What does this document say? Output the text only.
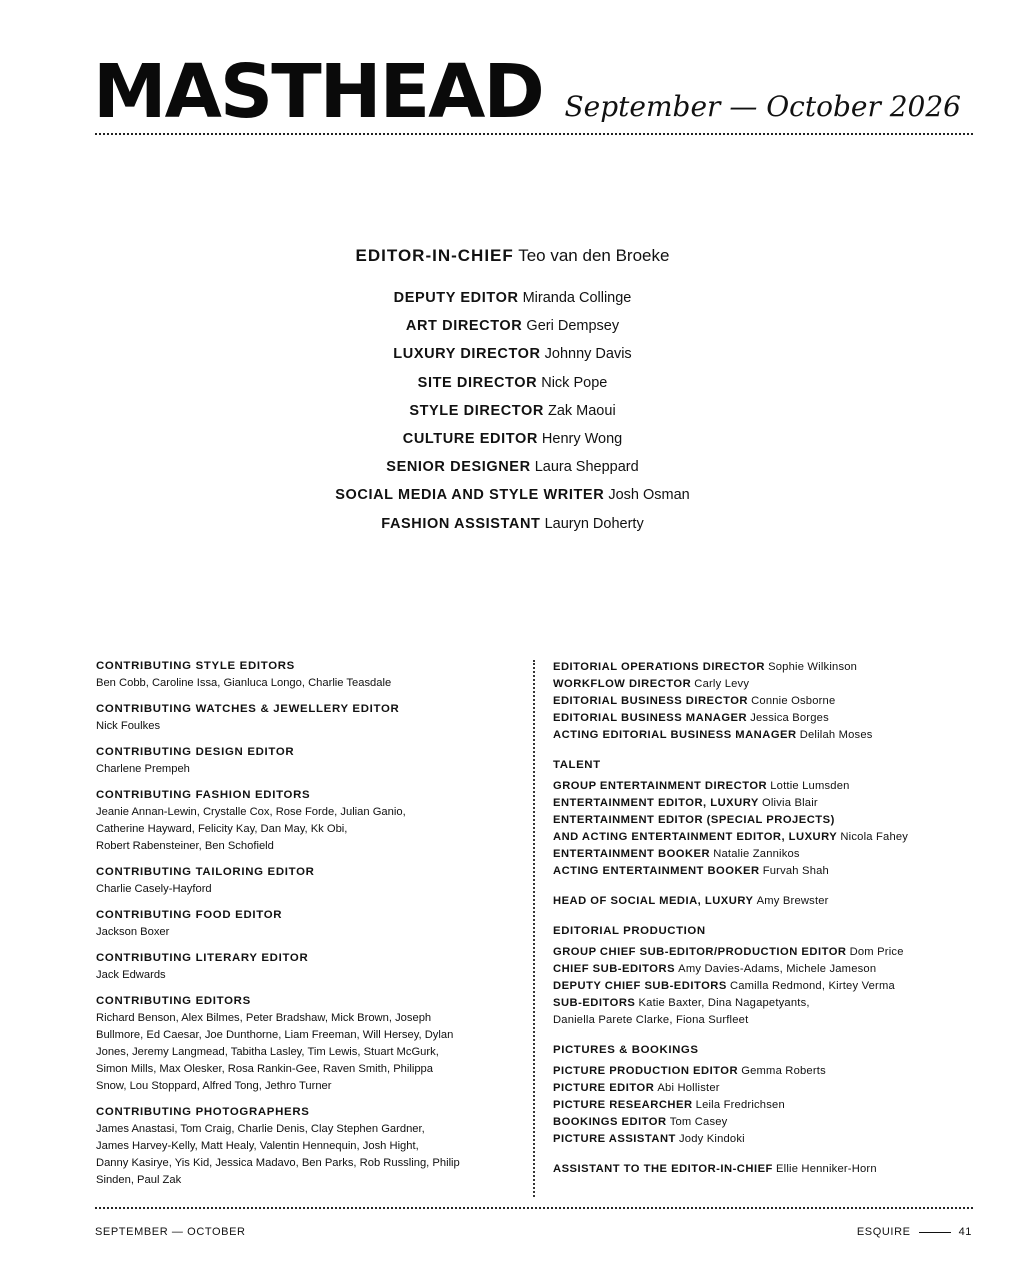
MASTHEAD September — October 2026
EDITOR-IN-CHIEF Teo van den Broeke
DEPUTY EDITOR Miranda Collinge
ART DIRECTOR Geri Dempsey
LUXURY DIRECTOR Johnny Davis
SITE DIRECTOR Nick Pope
STYLE DIRECTOR Zak Maoui
CULTURE EDITOR Henry Wong
SENIOR DESIGNER Laura Sheppard
SOCIAL MEDIA AND STYLE WRITER Josh Osman
FASHION ASSISTANT Lauryn Doherty
CONTRIBUTING STYLE EDITORS
Ben Cobb, Caroline Issa, Gianluca Longo, Charlie Teasdale
CONTRIBUTING WATCHES & JEWELLERY EDITOR
Nick Foulkes
CONTRIBUTING DESIGN EDITOR
Charlene Prempeh
CONTRIBUTING FASHION EDITORS
Jeanie Annan-Lewin, Crystalle Cox, Rose Forde, Julian Ganio,
Catherine Hayward, Felicity Kay, Dan May, Kk Obi,
Robert Rabensteiner, Ben Schofield
CONTRIBUTING TAILORING EDITOR
Charlie Casely-Hayford
CONTRIBUTING FOOD EDITOR
Jackson Boxer
CONTRIBUTING LITERARY EDITOR
Jack Edwards
CONTRIBUTING EDITORS
Richard Benson, Alex Bilmes, Peter Bradshaw, Mick Brown, Joseph
Bullmore, Ed Caesar, Joe Dunthorne, Liam Freeman, Will Hersey, Dylan
Jones, Jeremy Langmead, Tabitha Lasley, Tim Lewis, Stuart McGurk,
Simon Mills, Max Olesker, Rosa Rankin-Gee, Raven Smith, Philippa
Snow, Lou Stoppard, Alfred Tong, Jethro Turner
CONTRIBUTING PHOTOGRAPHERS
James Anastasi, Tom Craig, Charlie Denis, Clay Stephen Gardner,
James Harvey-Kelly, Matt Healy, Valentin Hennequin, Josh Hight,
Danny Kasirye, Yis Kid, Jessica Madavo, Ben Parks, Rob Russling, Philip
Sinden, Paul Zak
EDITORIAL OPERATIONS DIRECTOR Sophie Wilkinson
WORKFLOW DIRECTOR Carly Levy
EDITORIAL BUSINESS DIRECTOR Connie Osborne
EDITORIAL BUSINESS MANAGER Jessica Borges
ACTING EDITORIAL BUSINESS MANAGER Delilah Moses
TALENT
GROUP ENTERTAINMENT DIRECTOR Lottie Lumsden
ENTERTAINMENT EDITOR, LUXURY Olivia Blair
ENTERTAINMENT EDITOR (SPECIAL PROJECTS)
AND ACTING ENTERTAINMENT EDITOR, LUXURY Nicola Fahey
ENTERTAINMENT BOOKER Natalie Zannikos
ACTING ENTERTAINMENT BOOKER Furvah Shah
HEAD OF SOCIAL MEDIA, LUXURY Amy Brewster
EDITORIAL PRODUCTION
GROUP CHIEF SUB-EDITOR/PRODUCTION EDITOR Dom Price
CHIEF SUB-EDITORS Amy Davies-Adams, Michele Jameson
DEPUTY CHIEF SUB-EDITORS Camilla Redmond, Kirtey Verma
SUB-EDITORS Katie Baxter, Dina Nagapetyants,
Daniella Parete Clarke, Fiona Surfleet
PICTURES & BOOKINGS
PICTURE PRODUCTION EDITOR Gemma Roberts
PICTURE EDITOR Abi Hollister
PICTURE RESEARCHER Leila Fredrichsen
BOOKINGS EDITOR Tom Casey
PICTURE ASSISTANT Jody Kindoki
ASSISTANT TO THE EDITOR-IN-CHIEF Ellie Henniker-Horn
SEPTEMBER — OCTOBER	ESQUIRE	41
